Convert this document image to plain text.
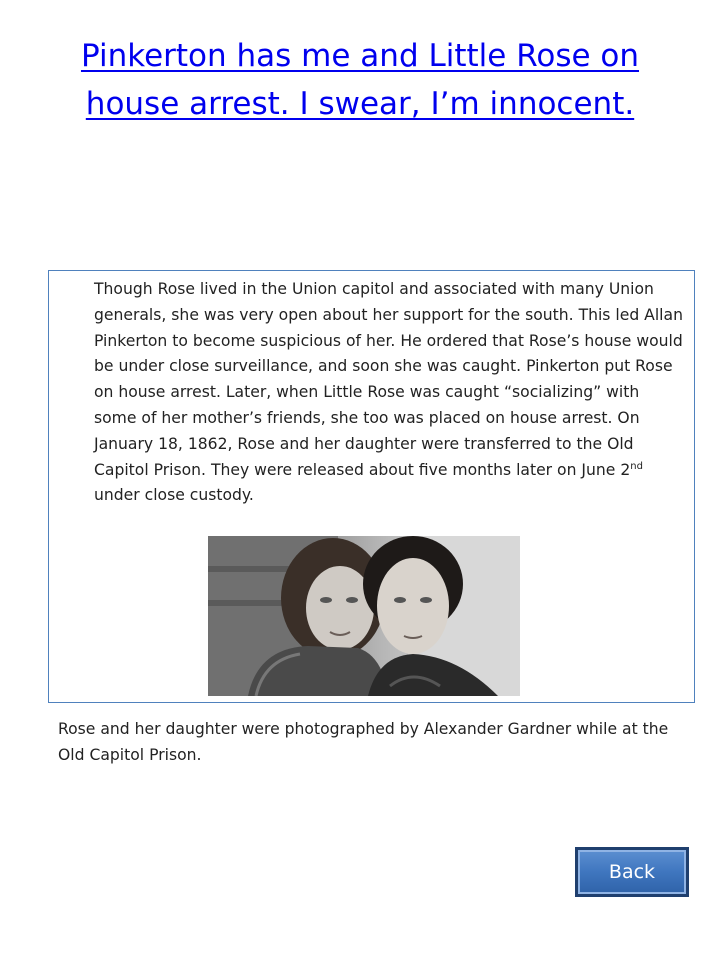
Pinkerton has me and Little Rose on
house arrest. I swear, I’m innocent.

Though Rose lived in the Union capitol and associated with many Union generals, she was very open about her support for the south. This led Allan Pinkerton to become suspicious of her. He ordered that Rose’s house would be under close surveillance, and soon she was caught. Pinkerton put Rose on house arrest. Later, when Little Rose was caught “socializing” with some of her mother’s friends, she too was placed on house arrest. On January 18, 1862, Rose and her daughter were transferred to the Old Capitol Prison. They were released about five months later on June 2nd under close custody.

Rose and her daughter were photographed by Alexander Gardner while at the Old Capitol Prison.

Back
